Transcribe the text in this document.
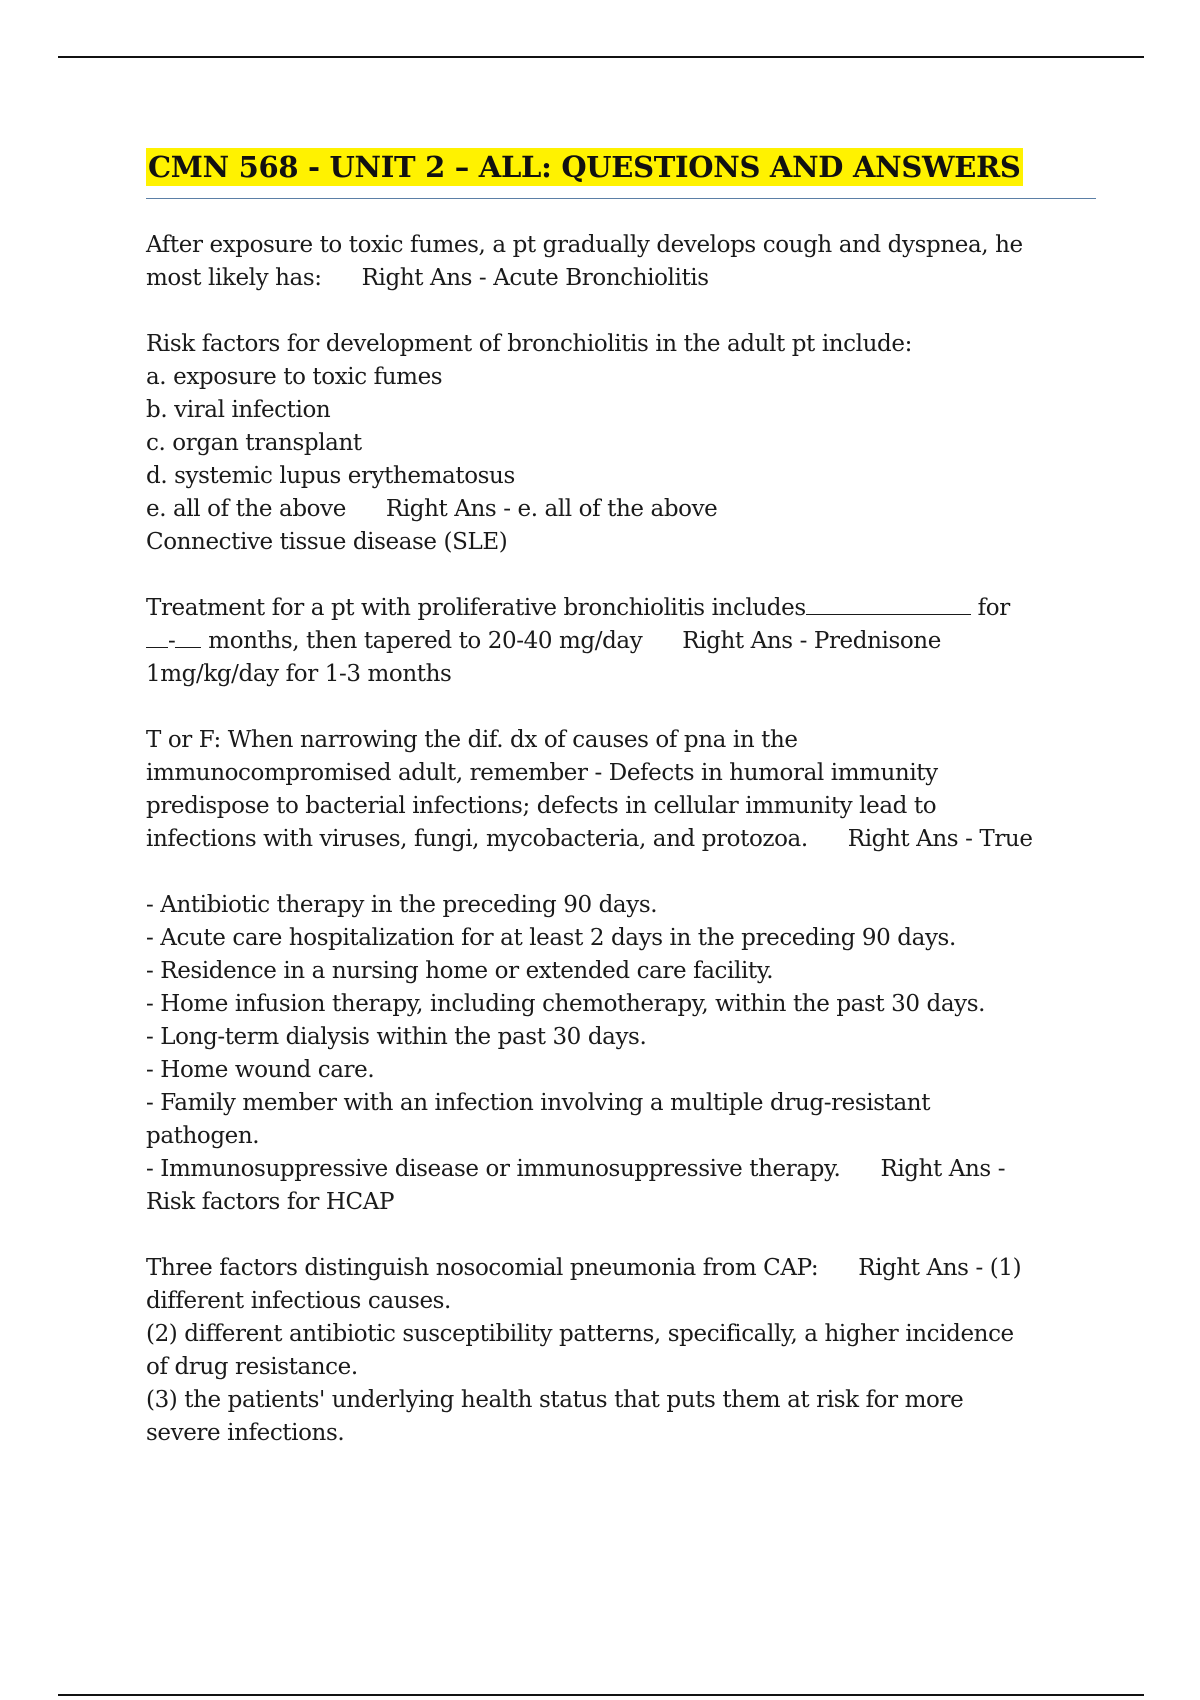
CMN 568 - UNIT 2 – ALL: QUESTIONS AND ANSWERS
After exposure to toxic fumes, a pt gradually develops cough and dyspnea, he
most likely has: Right Ans - Acute Bronchiolitis
Risk factors for development of bronchiolitis in the adult pt include:
a. exposure to toxic fumes
b. viral infection
c. organ transplant
d. systemic lupus erythematosus
e. all of the above Right Ans - e. all of the above
Connective tissue disease (SLE)
Treatment for a pt with proliferative bronchiolitis includes	for
- months, then tapered to 20-40 mg/day Right Ans - Prednisone
1mg/kg/day for 1-3 months
T or F: When narrowing the dif. dx of causes of pna in the
immunocompromised adult, remember - Defects in humoral immunity
predispose to bacterial infections; defects in cellular immunity lead to
infections with viruses, fungi, mycobacteria, and protozoa. Right Ans - True
- Antibiotic therapy in the preceding 90 days.
- Acute care hospitalization for at least 2 days in the preceding 90 days.
- Residence in a nursing home or extended care facility.
- Home infusion therapy, including chemotherapy, within the past 30 days.
- Long-term dialysis within the past 30 days.
- Home wound care.
- Family member with an infection involving a multiple drug-resistant
pathogen.
- Immunosuppressive disease or immunosuppressive therapy. Right Ans -
Risk factors for HCAP
Three factors distinguish nosocomial pneumonia from CAP: Right Ans - (1)
different infectious causes.
(2) different antibiotic susceptibility patterns, specifically, a higher incidence
of drug resistance.
(3) the patients' underlying health status that puts them at risk for more
severe infections.
